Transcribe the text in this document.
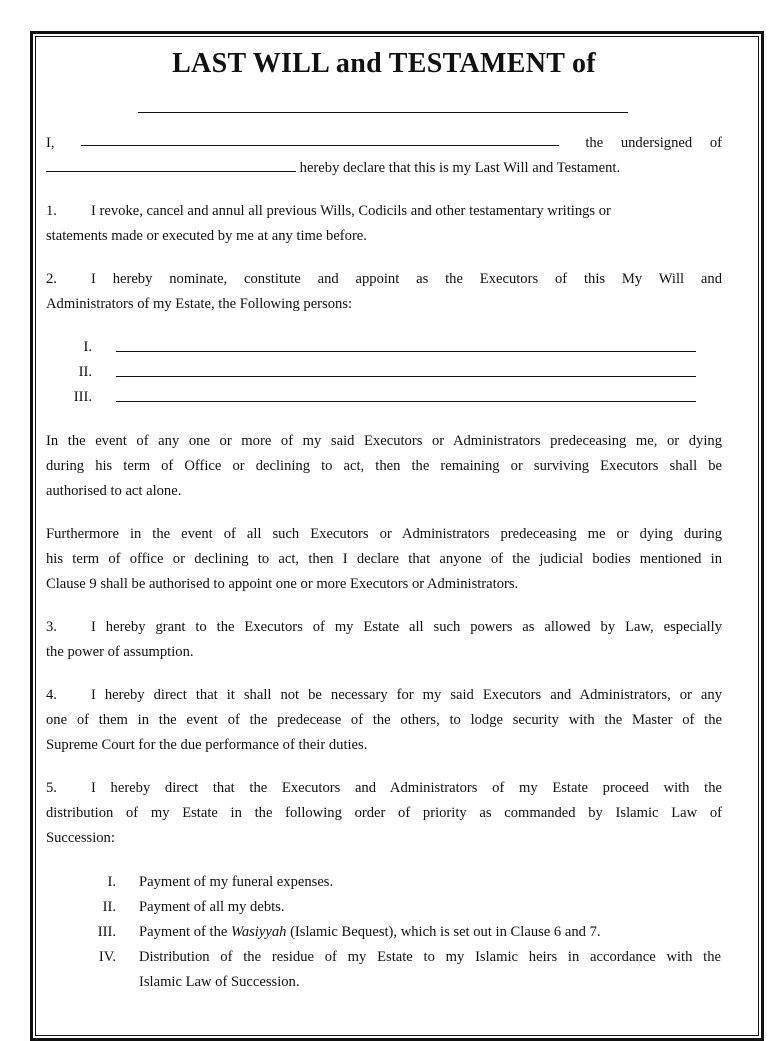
LAST WILL and TESTAMENT of
I,	the undersigned of
hereby declare that this is my Last Will and Testament.
1. I revoke, cancel and annul all previous Wills, Codicils and other testamentary writings or
statements made or executed by me at any time before.
2. I hereby nominate, constitute and appoint as the Executors of this My Will and
Administrators of my Estate, the Following persons:
I.
II.
III.
In the event of any one or more of my said Executors or Administrators predeceasing me, or dying
during his term of Office or declining to act, then the remaining or surviving Executors shall be
authorised to act alone.
Furthermore in the event of all such Executors or Administrators predeceasing me or dying during
his term of office or declining to act, then I declare that anyone of the judicial bodies mentioned in
Clause 9 shall be authorised to appoint one or more Executors or Administrators.
3. I hereby grant to the Executors of my Estate all such powers as allowed by Law, especially
the power of assumption.
4. I hereby direct that it shall not be necessary for my said Executors and Administrators, or any
one of them in the event of the predecease of the others, to lodge security with the Master of the
Supreme Court for the due performance of their duties.
5. I hereby direct that the Executors and Administrators of my Estate proceed with the
distribution of my Estate in the following order of priority as commanded by Islamic Law of
Succession:
I. Payment of my funeral expenses.
II. Payment of all my debts.
III. Payment of the Wasiyyah (Islamic Bequest), which is set out in Clause 6 and 7.
IV. Distribution of the residue of my Estate to my Islamic heirs in accordance with the
Islamic Law of Succession.
